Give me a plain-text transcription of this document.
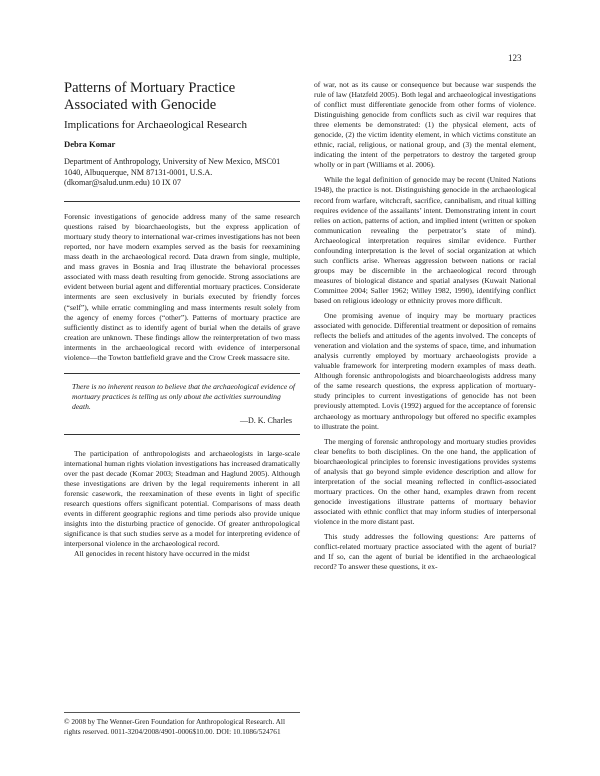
123
Patterns of Mortuary Practice Associated with Genocide
Implications for Archaeological Research
Debra Komar
Department of Anthropology, University of New Mexico, MSC01 1040, Albuquerque, NM 87131-0001, U.S.A. (dkomar@salud.unm.edu) 10 IX 07

Forensic investigations of genocide address many of the same research questions raised by bioarchaeologists, but the express application of mortuary study theory to international war-crimes investigations has not been reported, nor have modern examples served as the basis for reexamining mass death in the archaeological record. Data drawn from single, multiple, and mass graves in Bosnia and Iraq illustrate the behavioral processes associated with mass death resulting from genocide. Strong associations are evident between burial agent and differential mortuary practices. Considerate interments are seen exclusively in burials executed by friendly forces (“self”), while erratic commingling and mass interments result solely from the agency of enemy forces (“other”). Patterns of mortuary practice are sufficiently distinct as to identify agent of burial when the details of grave creation are unknown. These findings allow the reinterpretation of two mass interments in the archaeological record with evidence of interpersonal violence—the Towton battlefield grave and the Crow Creek massacre site.

There is no inherent reason to believe that the archaeological evidence of mortuary practices is telling us only about the activities surrounding death.

—D. K. Charles

The participation of anthropologists and archaeologists in large-scale international human rights violation investigations has increased dramatically over the past decade (Komar 2003; Steadman and Haglund 2005). Although these investigations are driven by the legal requirements inherent in all forensic casework, the reexamination of these events in light of specific research questions offers significant potential. Comparisons of mass death events in different geographic regions and time periods also provide unique insights into the disturbing practice of genocide. Of greater anthropological significance is that such studies serve as a model for interpreting evidence of interpersonal violence in the archaeological record.

All genocides in recent history have occurred in the midst

© 2008 by The Wenner-Gren Foundation for Anthropological Research. All rights reserved. 0011-3204/2008/4901-0006$10.00. DOI: 10.1086/524761

of war, not as its cause or consequence but because war suspends the rule of law (Hatzfeld 2005). Both legal and archaeological investigations of conflict must differentiate genocide from other forms of violence. Distinguishing genocide from conflicts such as civil war requires that three elements be demonstrated: (1) the physical element, acts of genocide, (2) the victim identity element, in which victims constitute an ethnic, racial, religious, or national group, and (3) the mental element, indicating the intent of the perpetrators to destroy the targeted group wholly or in part (Williams et al. 2006).

While the legal definition of genocide may be recent (United Nations 1948), the practice is not. Distinguishing genocide in the archaeological record from warfare, witchcraft, sacrifice, cannibalism, and ritual killing requires evidence of the assailants’ intent. Demonstrating intent in court relies on action, patterns of action, and implied intent (written or spoken communication revealing the perpetrator’s state of mind). Archaeological interpretation requires similar evidence. Further confounding interpretation is the level of social organization at which such conflicts arise. Whereas aggression between nations or racial groups may be discernible in the archaeological record through measures of biological distance and spatial analyses (Kuwait National Committee 2004; Saller 1962; Willey 1982, 1990), identifying conflict based on religious ideology or ethnicity proves more difficult.

One promising avenue of inquiry may be mortuary practices associated with genocide. Differential treatment or deposition of remains reflects the beliefs and attitudes of the agents involved. The concepts of veneration and violation and the systems of space, time, and inhumation analysis currently employed by mortuary archaeologists provide a valuable framework for interpreting modern examples of mass death. Although forensic anthropologists and bioarchaeologists address many of the same research questions, the express application of mortuary-study principles to current investigations of genocide has not been previously attempted. Lovis (1992) argued for the acceptance of forensic archaeology as mortuary anthropology but offered no specific examples to illustrate the point.

The merging of forensic anthropology and mortuary studies provides clear benefits to both disciplines. On the one hand, the application of bioarchaeological principles to forensic investigations provides systems of analysis that go beyond simple evidence description and allow for interpretation of the social meaning reflected in conflict-associated mortuary practices. On the other hand, examples drawn from recent genocide investigations illustrate patterns of mortuary behavior associated with ethnic conflict that may inform studies of interpersonal violence in the more distant past.

This study addresses the following questions: Are patterns of conflict-related mortuary practice associated with the agent of burial? and If so, can the agent of burial be identified in the archaeological record? To answer these questions, it ex-
